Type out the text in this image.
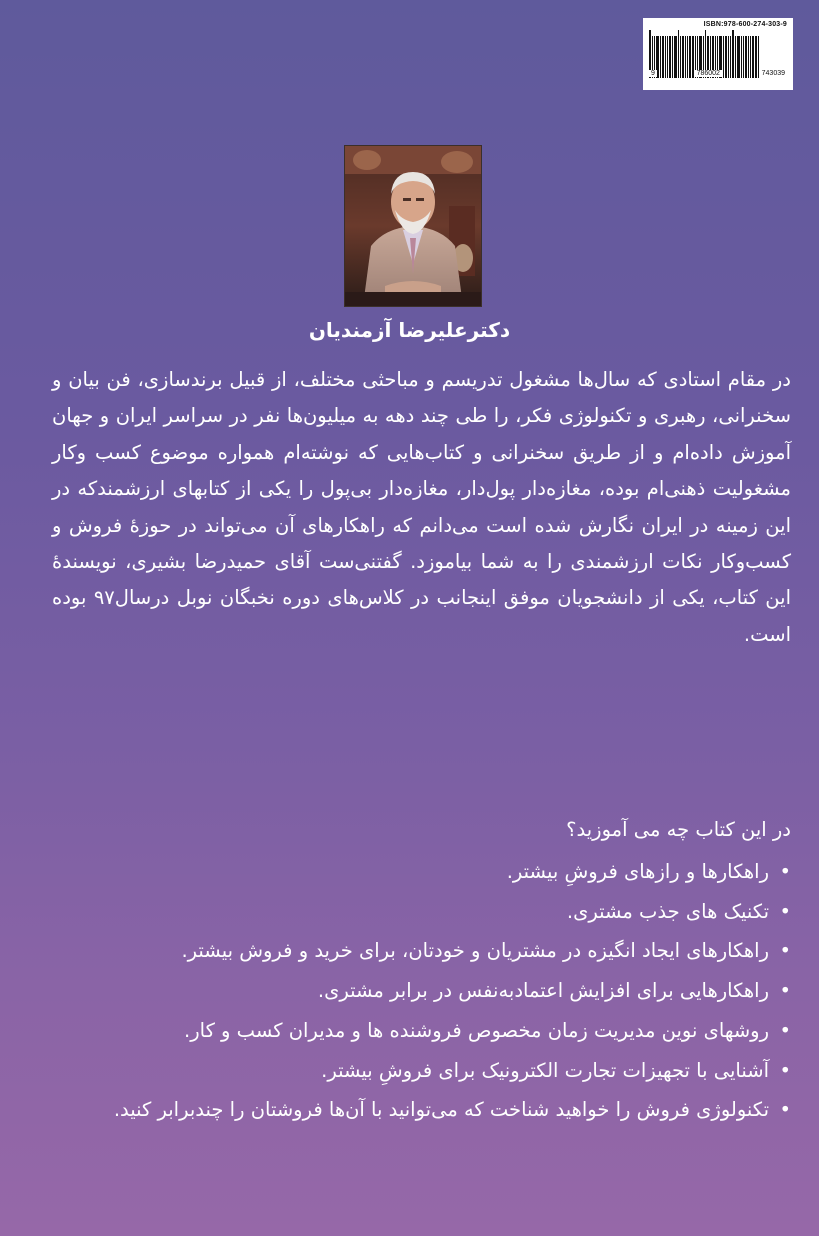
ISBN:978-600-274-303-9
9	786002	743039
دکترعلیرضا آزمندیان
در مقام استادی که سال‌ها مشغول تدریسم و مباحثی مختلف، از قبیل برندسازی، فن بیان و سخنرانی، رهبری و تکنولوژی فکر، را طی چند دهه به میلیون‌ها نفر در سراسر ایران و جهان آموزش داده‌ام و از طریق سخنرانی و کتاب‌هایی که نوشته‌ام همواره موضوع کسب وکار مشغولیت ذهنی‌ام بوده، مغازه‌دار پول‌دار، مغازه‌دار بی‌پول را یکی از کتابهای ارزشمندکه در این زمینه در ایران نگارش شده است می‌دانم که راهکارهای آن می‌تواند در حوزهٔ فروش و کسب‌وکار نکات ارزشمندی را به شما بیاموزد. گفتنی‌ست آقای حمیدرضا بشیری، نویسندهٔ این کتاب، یکی از دانشجویان موفق اینجانب در کلاس‌های دوره نخبگان نوبل درسال۹۷ بوده است.
در این کتاب چه می آموزید؟
•
راهکارها و رازهای فروشِ بیشتر.
•
تکنیک های جذب مشتری.
•
راهکارهای ایجاد انگیزه در مشتریان و خودتان، برای خرید و فروش بیشتر.
•
راهکارهایی برای افزایش اعتمادبه‌نفس در برابر مشتری.
•
روشهای نوین مدیریت زمان مخصوص فروشنده ها و مدیران کسب و کار.
•
آشنایی با تجهیزات تجارت الکترونیک برای فروشِ بیشتر.
•
تکنولوژی فروش را خواهید شناخت که می‌توانید با آن‌ها فروشتان را چندبرابر کنید.
